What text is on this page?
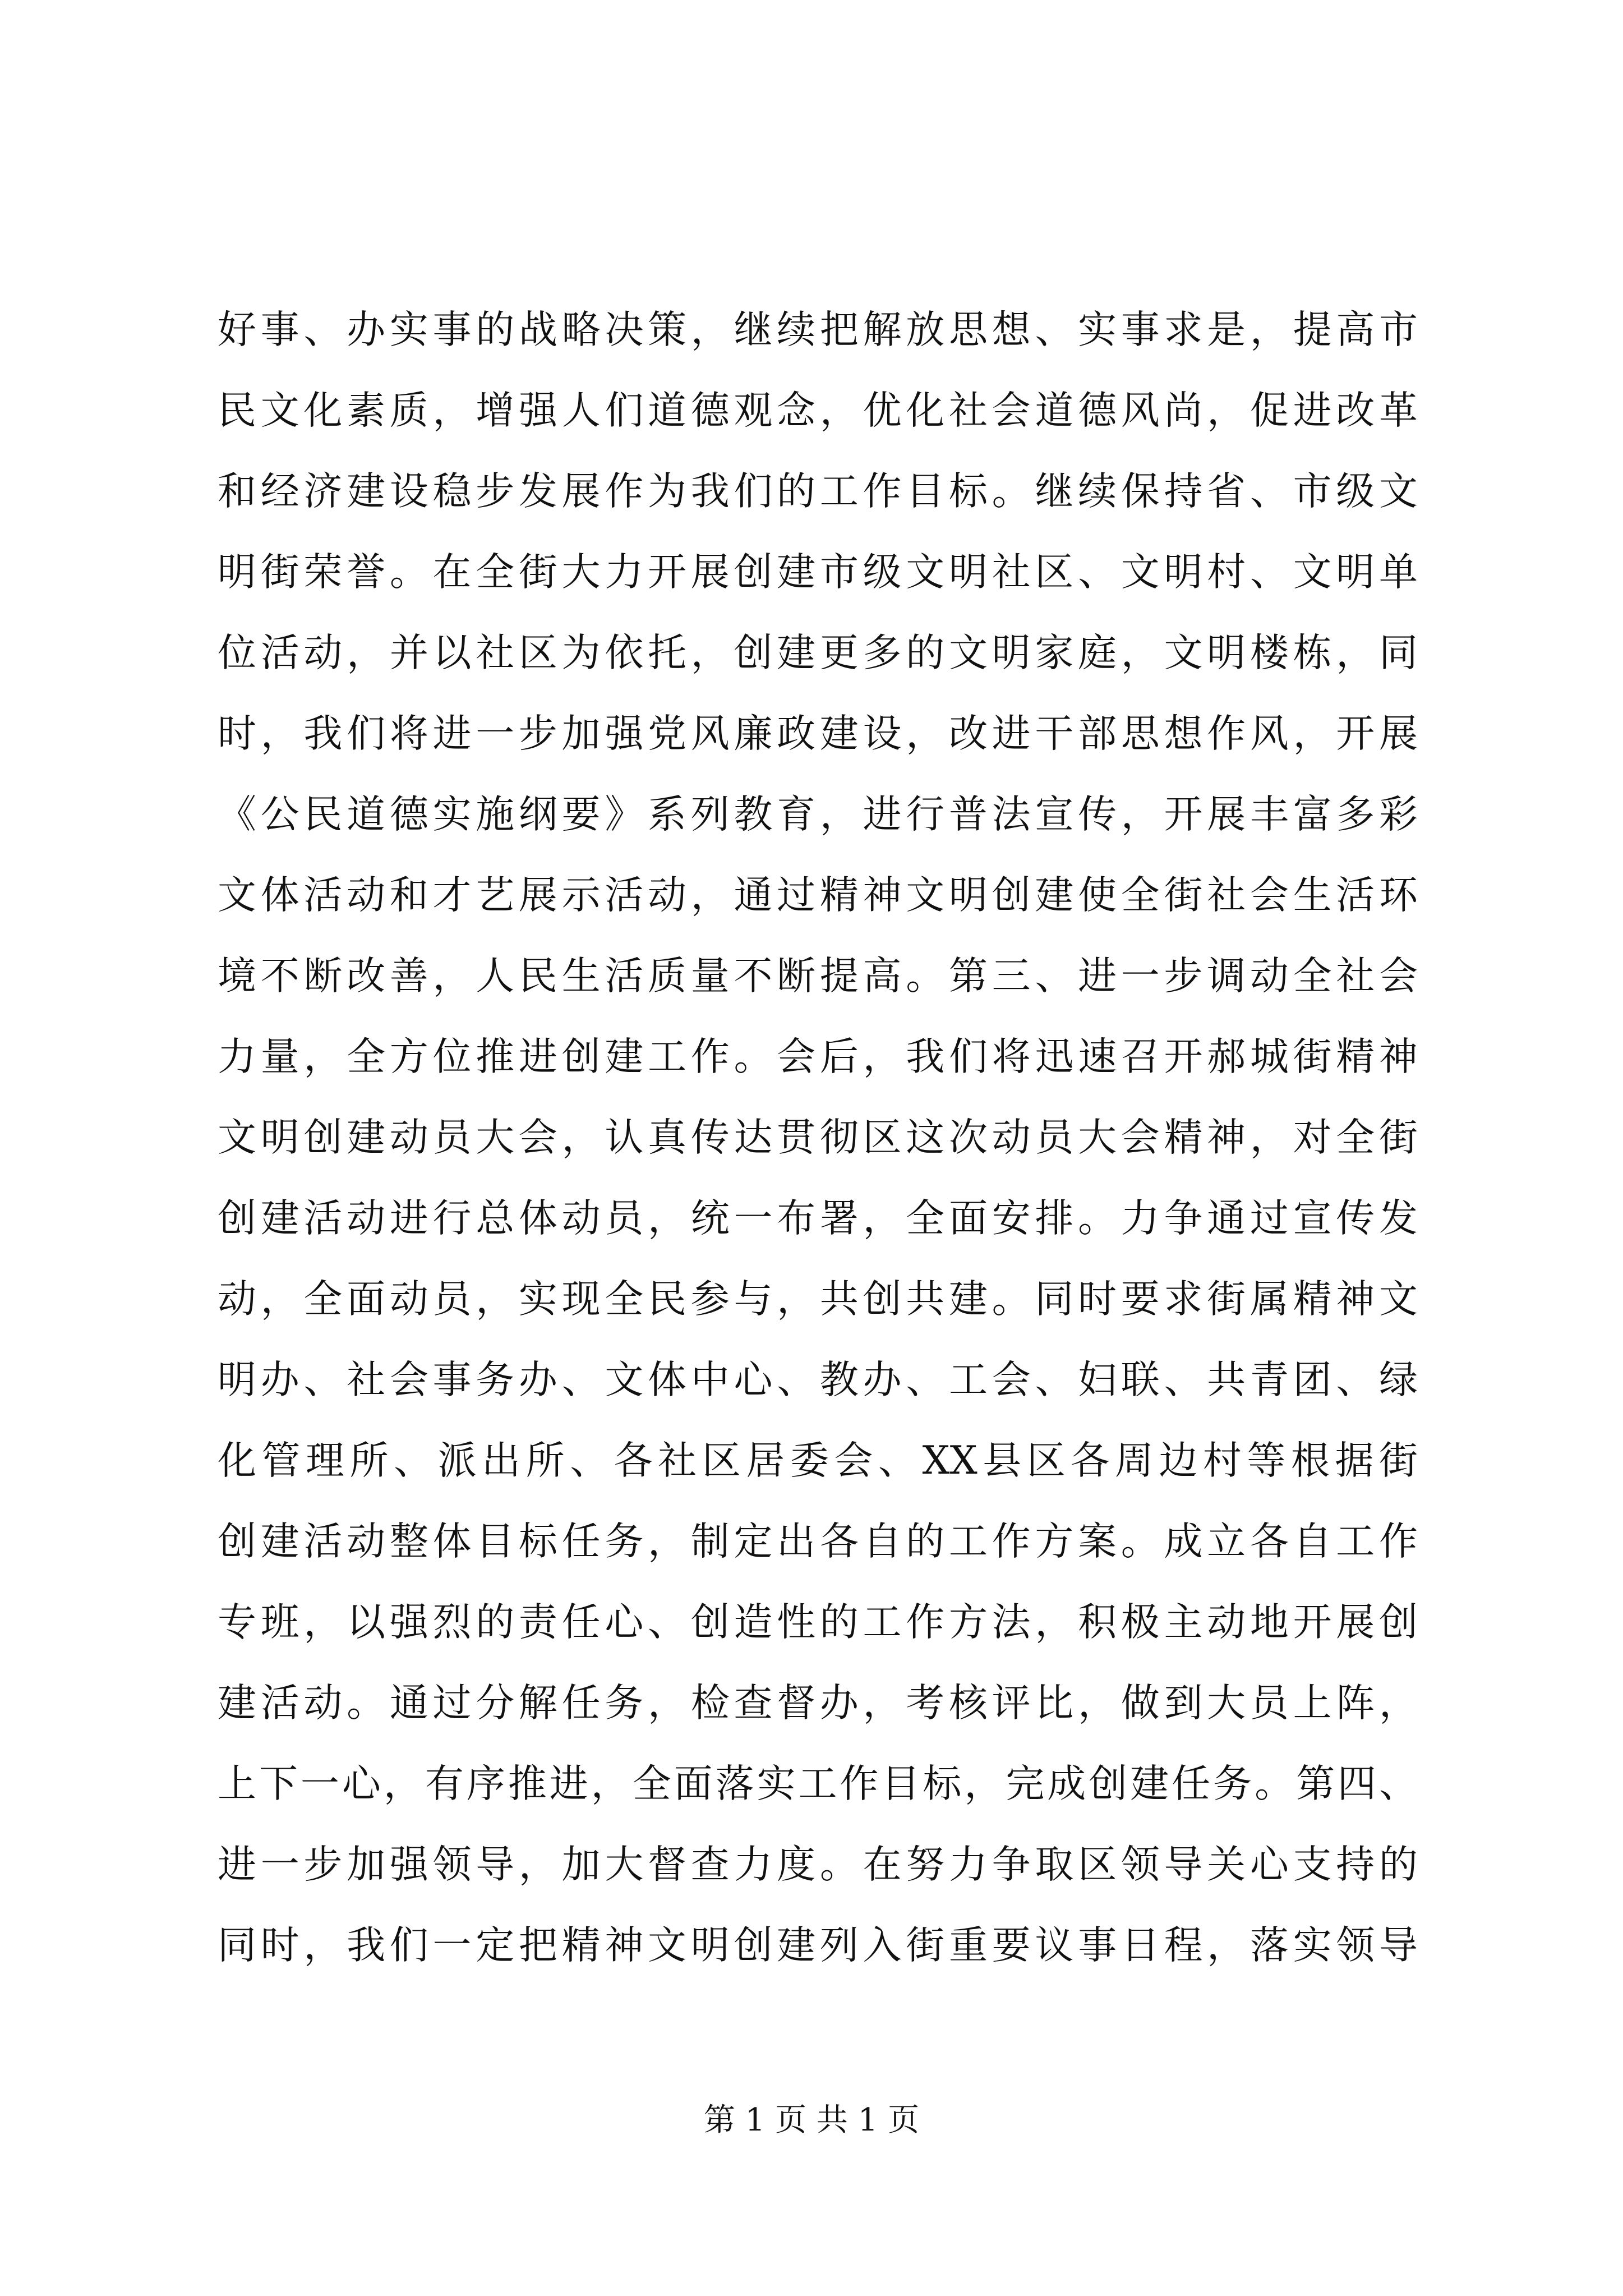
好事、办实事的战略决策，继续把解放思想、实事求是，提高市
民文化素质，增强人们道德观念，优化社会道德风尚，促进改革
和经济建设稳步发展作为我们的工作目标。继续保持省、市级文
明街荣誉。在全街大力开展创建市级文明社区、文明村、文明单
位活动，并以社区为依托，创建更多的文明家庭，文明楼栋，同
时，我们将进一步加强党风廉政建设，改进干部思想作风，开展
《公民道德实施纲要》系列教育，进行普法宣传，开展丰富多彩
文体活动和才艺展示活动，通过精神文明创建使全街社会生活环
境不断改善，人民生活质量不断提高。第三、进一步调动全社会
力量，全方位推进创建工作。会后，我们将迅速召开郝城街精神
文明创建动员大会，认真传达贯彻区这次动员大会精神，对全街
创建活动进行总体动员，统一布署，全面安排。力争通过宣传发
动，全面动员，实现全民参与，共创共建。同时要求街属精神文
明办、社会事务办、文体中心、教办、工会、妇联、共青团、绿
化管理所、派出所、各社区居委会、XX县区各周边村等根据街
创建活动整体目标任务，制定出各自的工作方案。成立各自工作
专班，以强烈的责任心、创造性的工作方法，积极主动地开展创
建活动。通过分解任务，检查督办，考核评比，做到大员上阵，
上下一心，有序推进，全面落实工作目标，完成创建任务。第四、
进一步加强领导，加大督查力度。在努力争取区领导关心支持的
同时，我们一定把精神文明创建列入街重要议事日程，落实领导
第 1 页 共 1 页
